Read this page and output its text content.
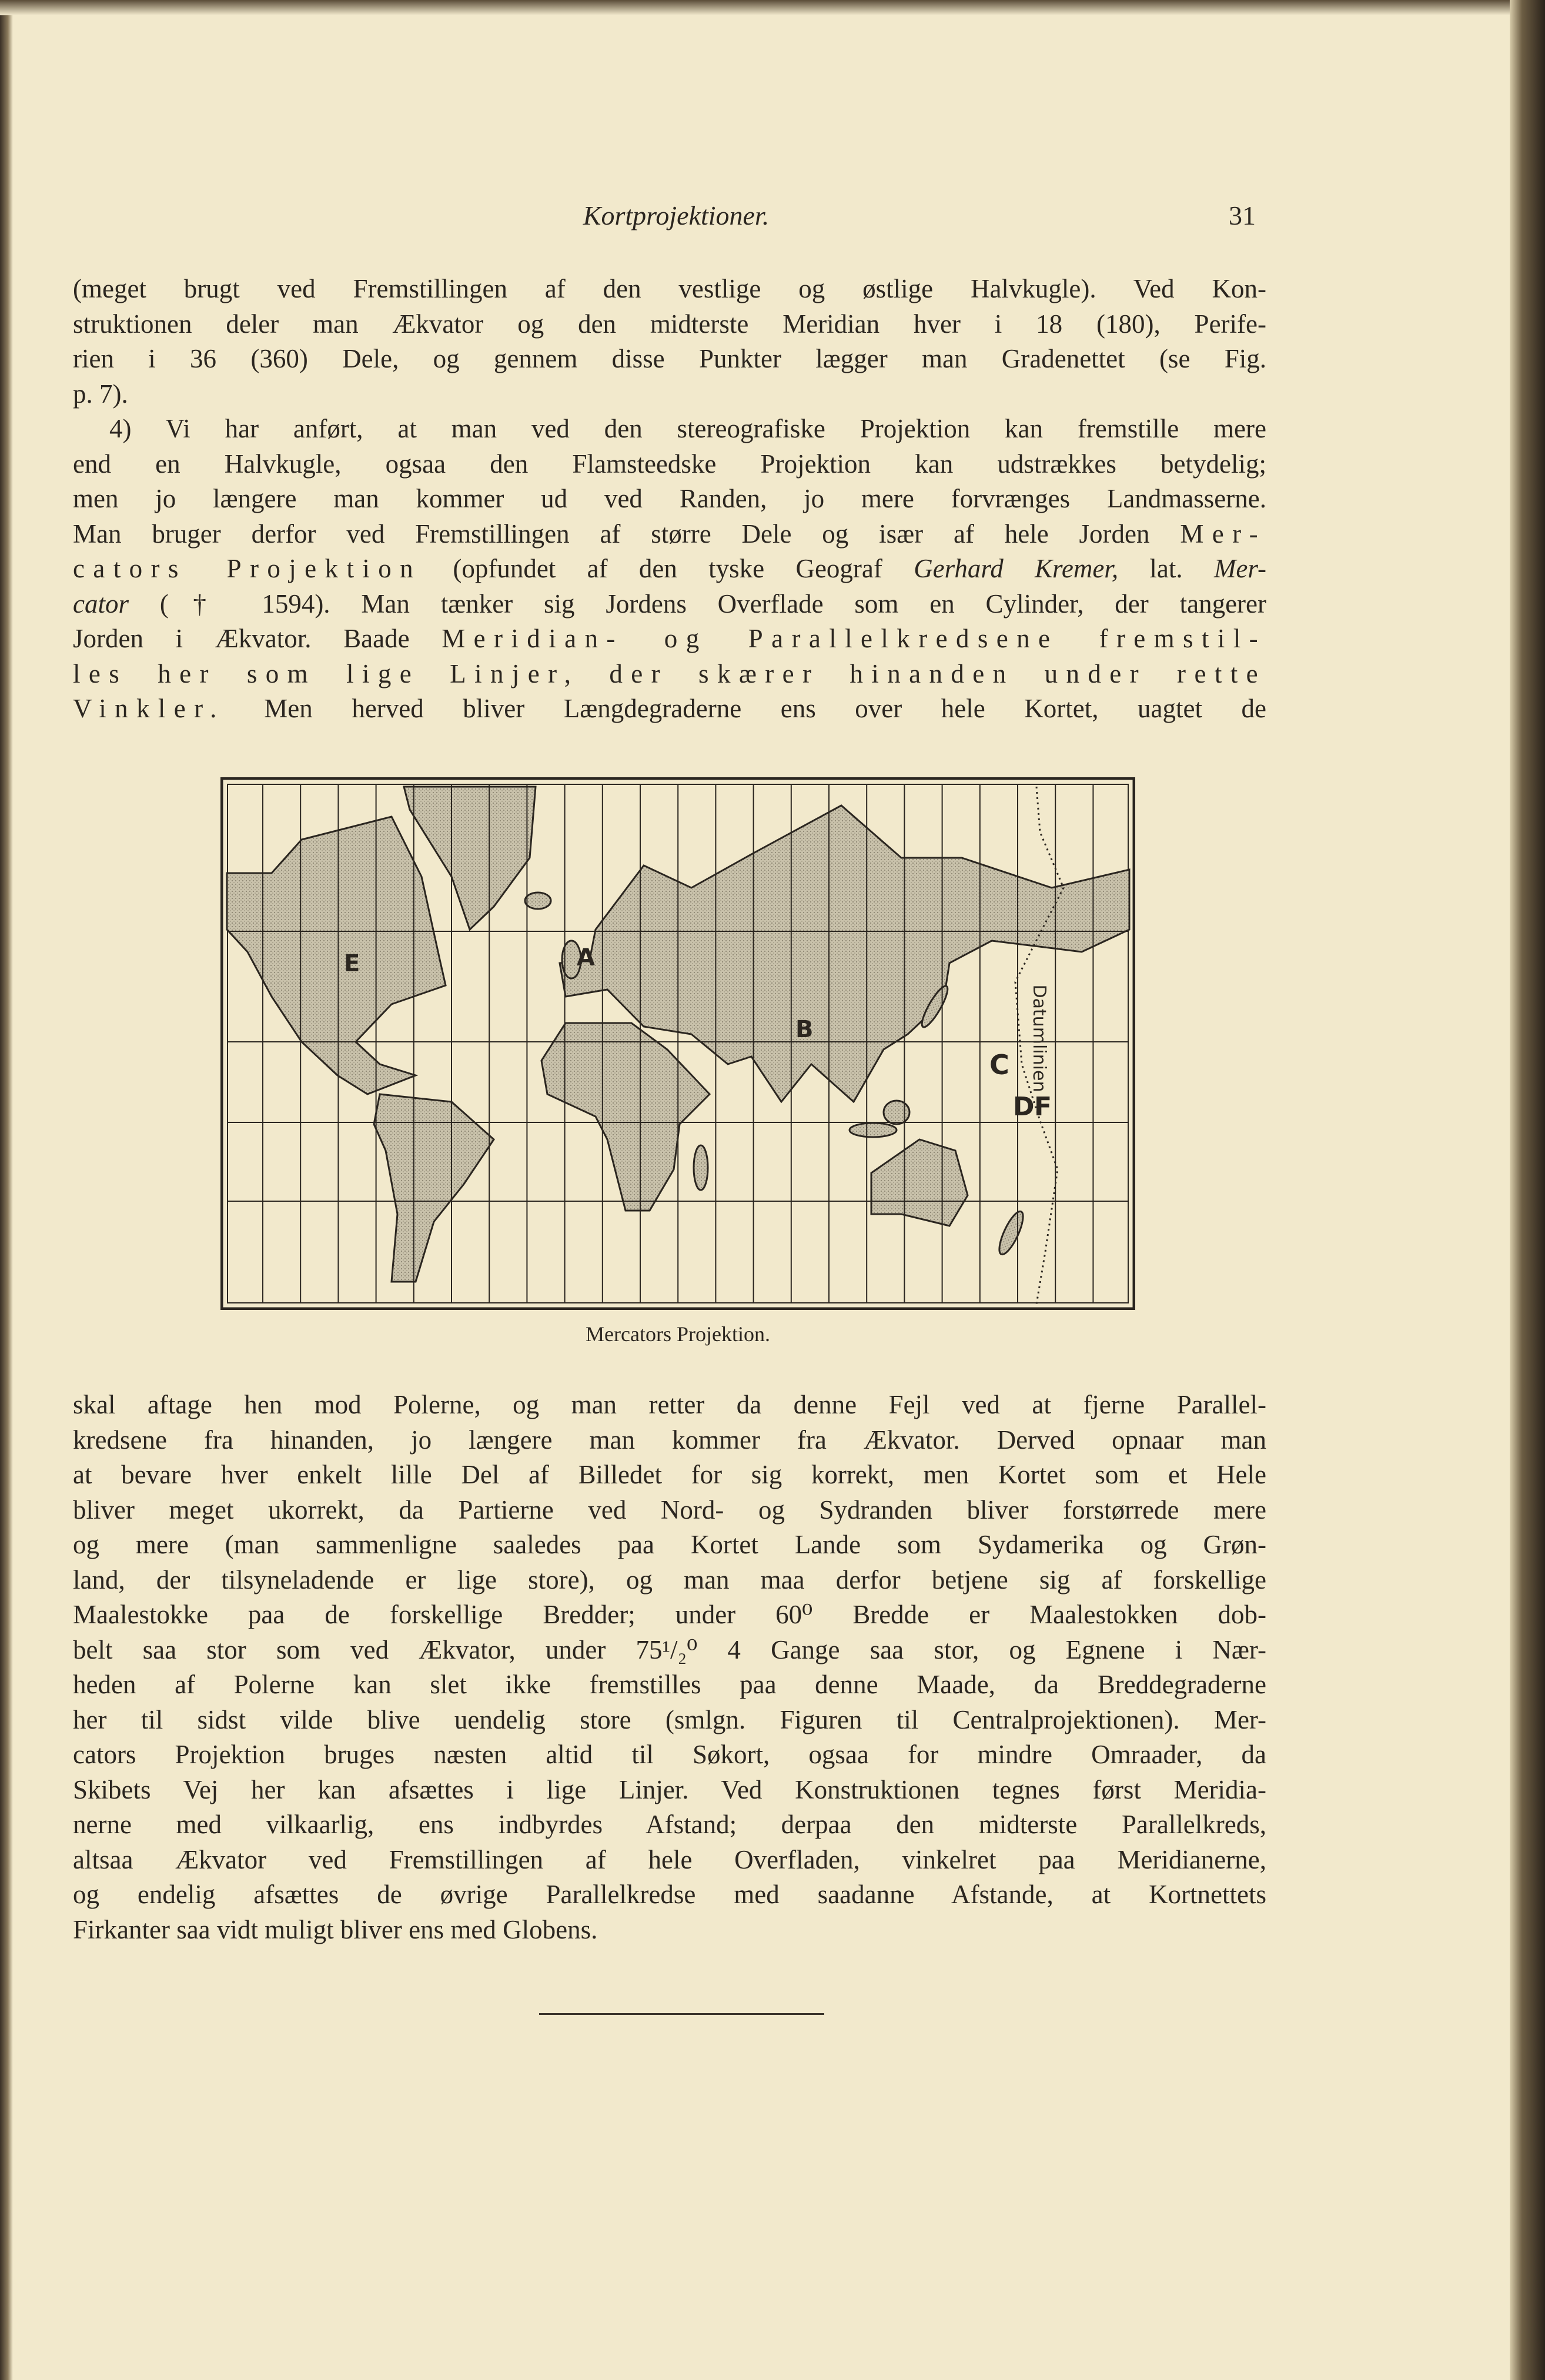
Kortprojektioner.	31
(meget brugt ved Fremstillingen af den vestlige og østlige Halvkugle). Ved Kon-
struktionen deler man Ækvator og den midterste Meridian hver i 18 (180), Perife-
rien i 36 (360) Dele, og gennem disse Punkter lægger man Gradenettet (se Fig.
p. 7).
4) Vi har anført, at man ved den stereografiske Projektion kan fremstille mere
end en Halvkugle, ogsaa den Flamsteedske Projektion kan udstrækkes betydelig;
men jo længere man kommer ud ved Randen, jo mere forvrænges Landmasserne.
Man bruger derfor ved Fremstillingen af større Dele og især af hele Jorden Mer-
cators Projektion (opfundet af den tyske Geograf Gerhard Kremer, lat. Mer-
cator († 1594). Man tænker sig Jordens Overflade som en Cylinder, der tangerer
Jorden i Ækvator. Baade Meridian- og Parallelkredsene fremstil-
les her som lige Linjer, der skærer hinanden under rette
Vinkler. Men herved bliver Længdegraderne ens over hele Kortet, uagtet de
E	A
B
C
D F
Datumlinien
Mercators Projektion.
skal aftage hen mod Polerne, og man retter da denne Fejl ved at fjerne Parallel-
kredsene fra hinanden, jo længere man kommer fra Ækvator. Derved opnaar man
at bevare hver enkelt lille Del af Billedet for sig korrekt, men Kortet som et Hele
bliver meget ukorrekt, da Partierne ved Nord- og Sydranden bliver forstørrede mere
og mere (man sammenligne saaledes paa Kortet Lande som Sydamerika og Grøn-
land, der tilsyneladende er lige store), og man maa derfor betjene sig af forskellige
Maalestokke paa de forskellige Bredder; under 60⁰ Bredde er Maalestokken dob-
belt saa stor som ved Ækvator, under 75¹/₂⁰ 4 Gange saa stor, og Egnene i Nær-
heden af Polerne kan slet ikke fremstilles paa denne Maade, da Breddegraderne
her til sidst vilde blive uendelig store (smlgn. Figuren til Centralprojektionen). Mer-
cators Projektion bruges næsten altid til Søkort, ogsaa for mindre Omraader, da
Skibets Vej her kan afsættes i lige Linjer. Ved Konstruktionen tegnes først Meridia-
nerne med vilkaarlig, ens indbyrdes Afstand; derpaa den midterste Parallelkreds,
altsaa Ækvator ved Fremstillingen af hele Overfladen, vinkelret paa Meridianerne,
og endelig afsættes de øvrige Parallelkredse med saadanne Afstande, at Kortnettets
Firkanter saa vidt muligt bliver ens med Globens.
